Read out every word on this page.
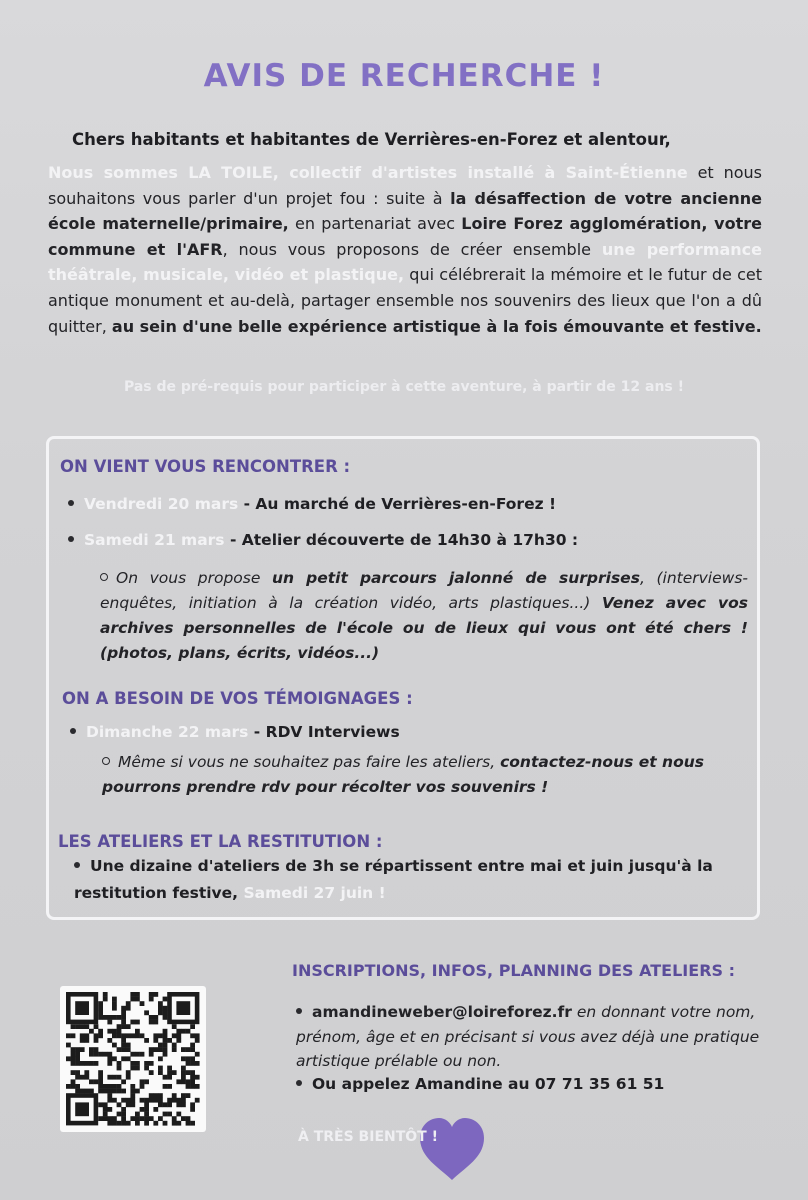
AVIS DE RECHERCHE !
Chers habitants et habitantes de Verrières-en-Forez et alentour,
Nous sommes LA TOILE, collectif d'artistes installé à Saint-Étienne et nous souhaitons vous parler d'un projet fou : suite à la désaffection de votre ancienne école maternelle/primaire, en partenariat avec Loire Forez agglomération, votre commune et l'AFR, nous vous proposons de créer ensemble une performance théâtrale, musicale, vidéo et plastique, qui célébrerait la mémoire et le futur de cet antique monument et au-delà, partager ensemble nos souvenirs des lieux que l'on a dû quitter, au sein d'une belle expérience artistique à la fois émouvante et festive.
Pas de pré-requis pour participer à cette aventure, à partir de 12 ans !
ON VIENT VOUS RENCONTRER :
Vendredi 20 mars - Au marché de Verrières-en-Forez !
Samedi 21 mars - Atelier découverte de 14h30 à 17h30 :
On vous propose un petit parcours jalonné de surprises, (interviews-enquêtes, initiation à la création vidéo, arts plastiques...) Venez avec vos archives personnelles de l'école ou de lieux qui vous ont été chers ! (photos, plans, écrits, vidéos...)
ON A BESOIN DE VOS TÉMOIGNAGES :
Dimanche 22 mars - RDV Interviews
Même si vous ne souhaitez pas faire les ateliers, contactez-nous et nous pourrons prendre rdv pour récolter vos souvenirs !
LES ATELIERS ET LA RESTITUTION :
Une dizaine d'ateliers de 3h se répartissent entre mai et juin jusqu'à la restitution festive, Samedi 27 juin !
INSCRIPTIONS, INFOS, PLANNING DES ATELIERS :
amandineweber@loireforez.fr en donnant votre nom, prénom, âge et en précisant si vous avez déjà une pratique artistique prélable ou non.
Ou appelez Amandine au 07 71 35 61 51
À TRÈS BIENTÔT !
